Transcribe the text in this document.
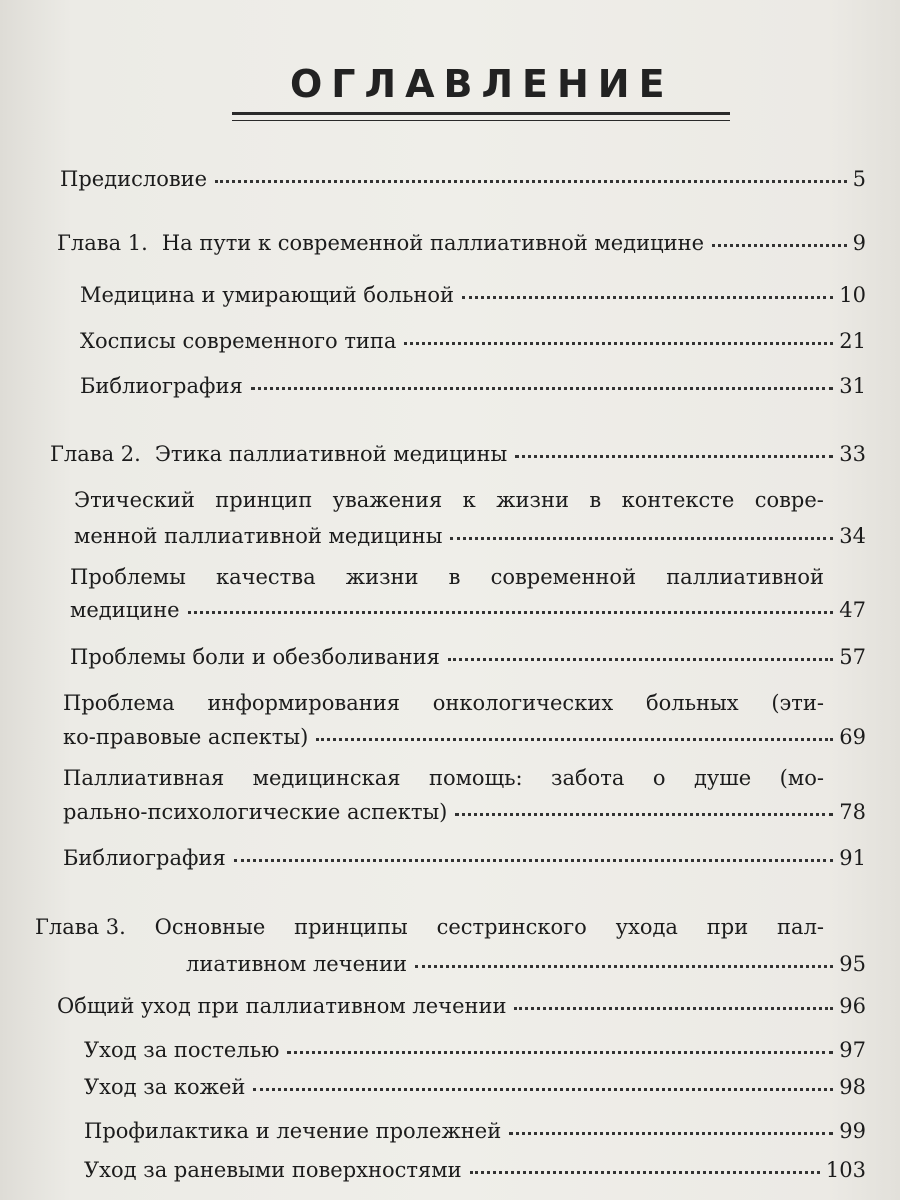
ОГЛАВЛЕНИЕ
Предисловие	5
Глава 1. На пути к современной паллиативной медицине	9
Медицина и умирающий больной	10
Хосписы современного типа	21
Библиография	31
Глава 2. Этика паллиативной медицины	33
Этический принцип уважения к жизни в контексте совре-
менной паллиативной медицины	34
Проблемы качества жизни в современной паллиативной
медицине	47
Проблемы боли и обезболивания	57
Проблема информирования онкологических больных (эти-
ко-правовые аспекты)	69
Паллиативная медицинская помощь: забота о душе (мо-
рально-психологические аспекты)	78
Библиография	91
Глава 3. Основные принципы сестринского ухода при пал-
лиативном лечении	95
Общий уход при паллиативном лечении	96
Уход за постелью	97
Уход за кожей	98
Профилактика и лечение пролежней	99
Уход за раневыми поверхностями	103
